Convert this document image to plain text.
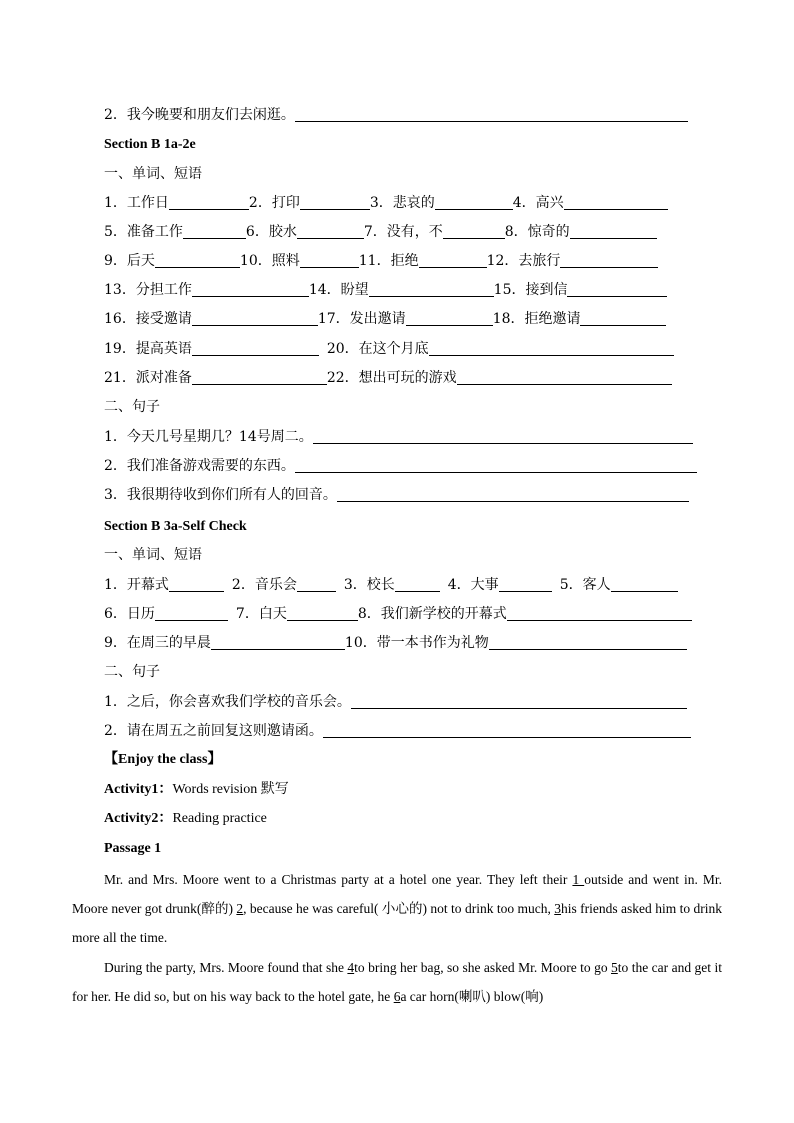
2．我今晚要和朋友们去闲逛。
Section B 1a-2e
一、单词、短语
1．工作日	2．打印	3．悲哀的	4．高兴
5．准备工作	6．胶水	7．没有，不	8．惊奇的
9．后天	10．照料	11．拒绝	12．去旅行
13．分担工作	14．盼望	15．接到信
16．接受邀请	17．发出邀请	18．拒绝邀请
19．提高英语	20．在这个月底
21．派对准备	22．想出可玩的游戏
二、句子
1．今天几号星期几？14号周二。
2．我们准备游戏需要的东西。
3．我很期待收到你们所有人的回音。
Section B 3a-Self Check
一、单词、短语
1．开幕式	2．音乐会	3．校长	4．大事	5．客人
6．日历	7．白天	8．我们新学校的开幕式
9．在周三的早晨	10．带一本书作为礼物
二、句子
1．之后，你会喜欢我们学校的音乐会。
2．请在周五之前回复这则邀请函。
【Enjoy the class】
Activity1：Words revision 默写
Activity2：Reading practice
Passage 1
Mr. and Mrs. Moore went to a Christmas party at a hotel one year. They left their 1 outside and went in. Mr. Moore never got drunk(醉的) 2, because he was careful( 小心的) not to drink too much, 3his friends asked him to drink more all the time.
During the party, Mrs. Moore found that she 4to bring her bag, so she asked Mr. Moore to go 5to the car and get it for her. He did so, but on his way back to the hotel gate, he 6a car horn(喇叭) blow(响)
